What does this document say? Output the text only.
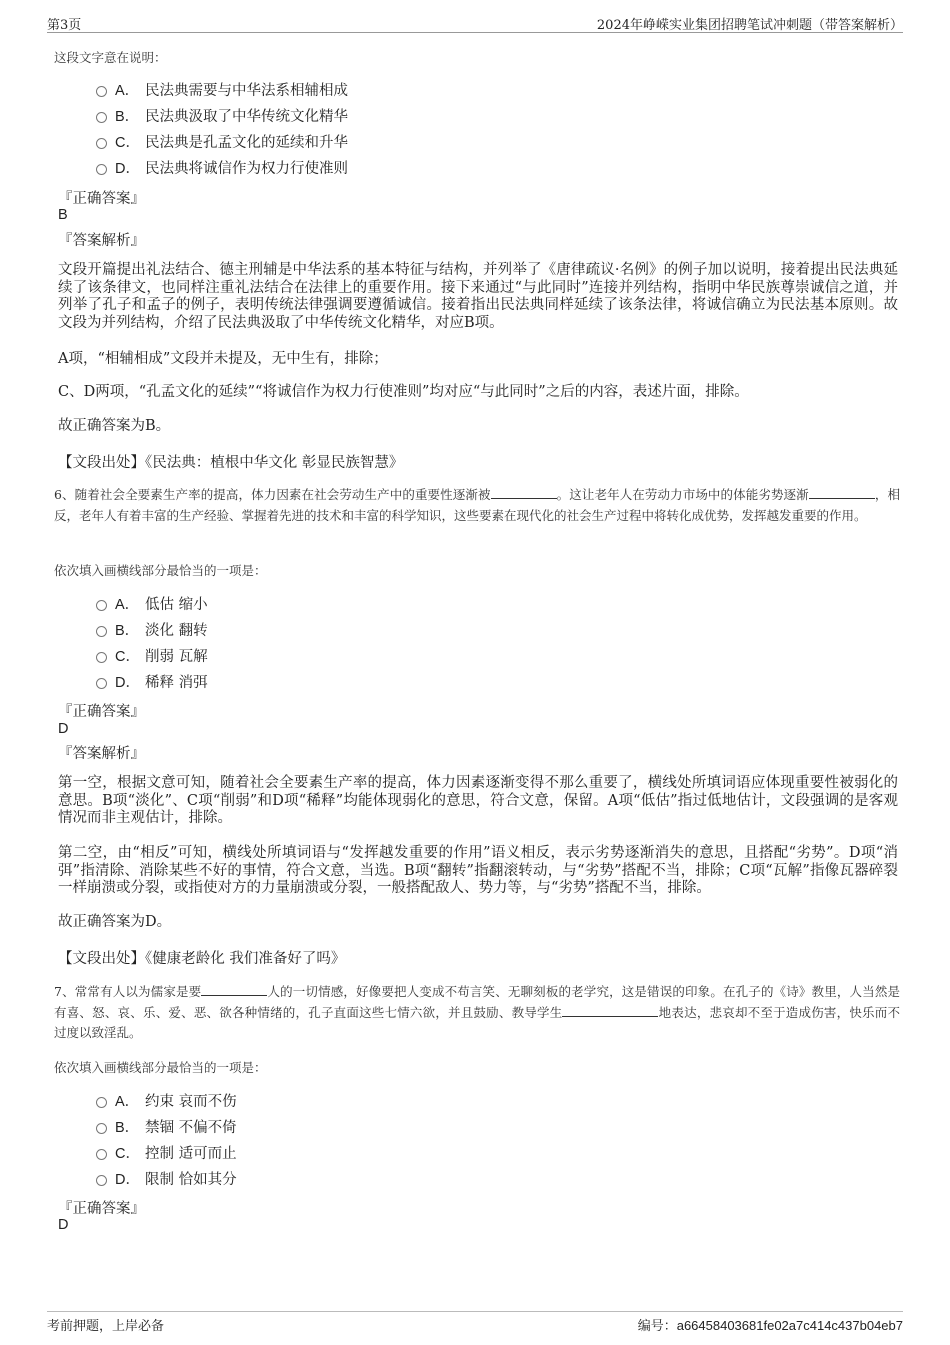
第3页	2024年峥嵘实业集团招聘笔试冲刺题（带答案解析）
这段文字意在说明：
A． 民法典需要与中华法系相辅相成
B． 民法典汲取了中华传统文化精华
C． 民法典是孔孟文化的延续和升华
D． 民法典将诚信作为权力行使准则
『正确答案』
B
『答案解析』
文段开篇提出礼法结合、德主刑辅是中华法系的基本特征与结构，并列举了《唐律疏议·名例》的例子加以说明，接着提出民法典延续了该条律文，也同样注重礼法结合在法律上的重要作用。接下来通过“与此同时”连接并列结构，指明中华民族尊崇诚信之道，并列举了孔子和孟子的例子，表明传统法律强调要遵循诚信。接着指出民法典同样延续了该条法律，将诚信确立为民法基本原则。故文段为并列结构，介绍了民法典汲取了中华传统文化精华，对应B项。
A项，“相辅相成”文段并未提及，无中生有，排除；
C、D两项，“孔孟文化的延续”“将诚信作为权力行使准则”均对应“与此同时”之后的内容，表述片面，排除。
故正确答案为B。
【文段出处】《民法典：植根中华文化 彰显民族智慧》
6、随着社会全要素生产率的提高，体力因素在社会劳动生产中的重要性逐渐被	。这让老年人在劳动力市场中的体能劣势逐渐	，相反，老年人有着丰富的生产经验、掌握着先进的技术和丰富的科学知识，这些要素在现代化的社会生产过程中将转化成优势，发挥越发重要的作用。
依次填入画横线部分最恰当的一项是：
A． 低估 缩小
B． 淡化 翻转
C． 削弱 瓦解
D． 稀释 消弭
『正确答案』
D
『答案解析』
第一空，根据文意可知，随着社会全要素生产率的提高，体力因素逐渐变得不那么重要了，横线处所填词语应体现重要性被弱化的意思。B项“淡化”、C项“削弱”和D项“稀释”均能体现弱化的意思，符合文意，保留。A项“低估”指过低地估计，文段强调的是客观情况而非主观估计，排除。
第二空，由“相反”可知，横线处所填词语与“发挥越发重要的作用”语义相反，表示劣势逐渐消失的意思，且搭配“劣势”。D项“消弭”指清除、消除某些不好的事情，符合文意，当选。B项“翻转”指翻滚转动，与“劣势”搭配不当，排除；C项“瓦解”指像瓦器碎裂一样崩溃或分裂，或指使对方的力量崩溃或分裂，一般搭配敌人、势力等，与“劣势”搭配不当，排除。
故正确答案为D。
【文段出处】《健康老龄化 我们准备好了吗》
7、常常有人以为儒家是要	人的一切情感，好像要把人变成不苟言笑、无聊刻板的老学究，这是错误的印象。在孔子的《诗》教里，人当然是有喜、怒、哀、乐、爱、恶、欲各种情绪的，孔子直面这些七情六欲，并且鼓励、教导学生	地表达，悲哀却不至于造成伤害，快乐而不过度以致淫乱。
依次填入画横线部分最恰当的一项是：
A． 约束 哀而不伤
B． 禁锢 不偏不倚
C． 控制 适可而止
D． 限制 恰如其分
『正确答案』
D
考前押题，上岸必备	编号：a66458403681fe02a7c414c437b04eb7
